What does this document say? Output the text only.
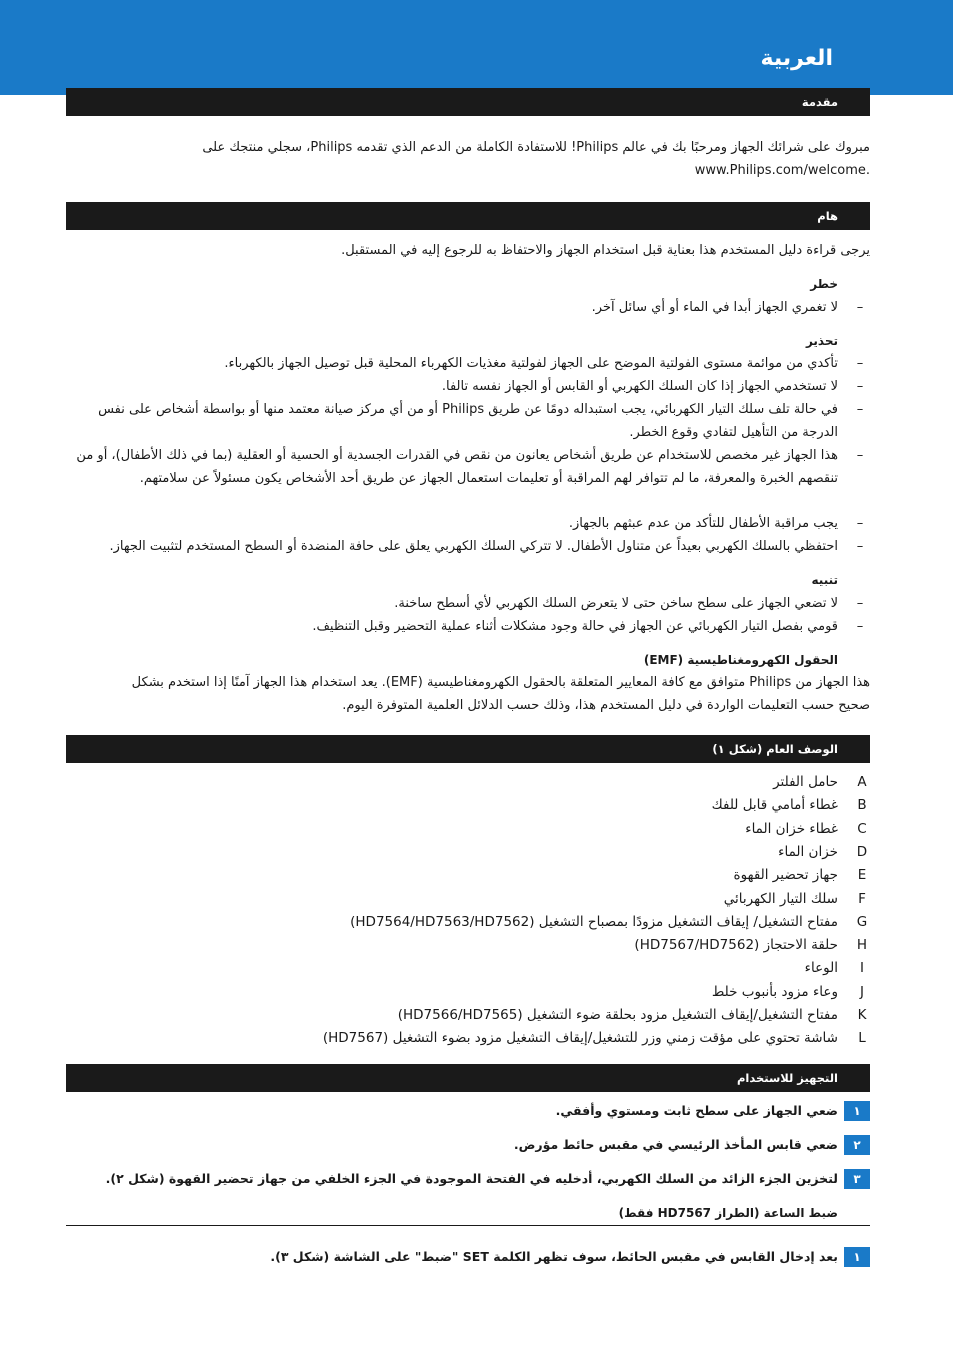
العربية
مقدمة
مبروك على شرائك الجهاز ومرحبًا بك في عالم Philips! للاستفادة الكاملة من الدعم الذي تقدمه Philips، سجلي منتجك على
.www.Philips.com/welcome
هام
يرجى قراءة دليل المستخدم هذا بعناية قبل استخدام الجهاز والاحتفاظ به للرجوع إليه في المستقبل.
خطر
–
لا تغمري الجهاز أبدا في الماء أو أي سائل آخر.
تحذير
–
تأكدي من موائمة مستوى الفولتية الموضح على الجهاز لفولتية مغذيات الكهرباء المحلية قبل توصيل الجهاز بالكهرباء.
–
لا تستخدمي الجهاز إذا كان السلك الكهربي أو القابس أو الجهاز نفسه تالفا.
–
في حالة تلف سلك التيار الكهربائي، يجب استبداله دومًا عن طريق Philips أو من أي مركز صيانة معتمد منها أو بواسطة أشخاص على نفس الدرجة من التأهيل لتفادي وقوع الخطر.
–
هذا الجهاز غير مخصص للاستخدام عن طريق أشخاص يعانون من نقص في القدرات الجسدية أو الحسية أو العقلية (بما في ذلك الأطفال)، أو من تنقصهم الخبرة والمعرفة، ما لم تتوافر لهم المراقبة أو تعليمات استعمال الجهاز عن طريق أحد الأشخاص يكون مسئولاً عن سلامتهم.
–
يجب مراقبة الأطفال للتأكد من عدم عبثهم بالجهاز.
–
احتفظي بالسلك الكهربي بعيداً عن متناول الأطفال. لا تتركي السلك الكهربي يعلق على حافة المنضدة أو السطح المستخدم لتثبيت الجهاز.
تنبيه
–
لا تضعي الجهاز على سطح ساخن حتى لا يتعرض السلك الكهربي لأي أسطح ساخنة.
–
قومي بفصل التيار الكهربائي عن الجهاز في حالة وجود مشكلات أثناء عملية التحضير وقبل التنظيف.
الحقول الكهرومغناطيسية (EMF)
هذا الجهاز من Philips متوافق مع كافة المعايير المتعلقة بالحقول الكهرومغناطيسية (EMF). يعد استخدام هذا الجهاز آمنًا إذا استخدم بشكل
صحيح حسب التعليمات الواردة في دليل المستخدم هذا، وذلك حسب الدلائل العلمية المتوفرة اليوم.
الوصف العام (شكل ١)
A
حامل الفلتر
B
غطاء أمامي قابل للفك
C
غطاء خزان الماء
D
خزان الماء
E
جهاز تحضير القهوة
F
سلك التيار الكهربائي
G
مفتاح التشغيل/ إيقاف التشغيل مزودًا بمصباح التشغيل (HD7564/HD7563/HD7562)
H
حلقة الاحتجاز (HD7567/HD7562)
I
الوعاء
J
وعاء مزود بأنبوب خلط
K
مفتاح التشغيل/إيقاف التشغيل مزود بحلقة ضوء التشغيل (HD7566/HD7565)
L
شاشة تحتوي على مؤقت زمني وزر للتشغيل/إيقاف التشغيل مزود بضوء التشغيل (HD7567)
التجهيز للاستخدام
١
ضعي الجهاز على سطح ثابت ومستوي وأفقي.
٢
ضعي قابس المأخذ الرئيسي في مقبس حائط مؤرض.
٣
لتخزين الجزء الزائد من السلك الكهربي، أدخليه في الفتحة الموجودة في الجزء الخلفي من جهاز تحضير القهوة (شكل ٢).
ضبط الساعة (الطراز HD7567 فقط)
١
بعد إدخال القابس في مقبس الحائط، سوف تظهر الكلمة SET "ضبط" على الشاشة (شكل ٣).
